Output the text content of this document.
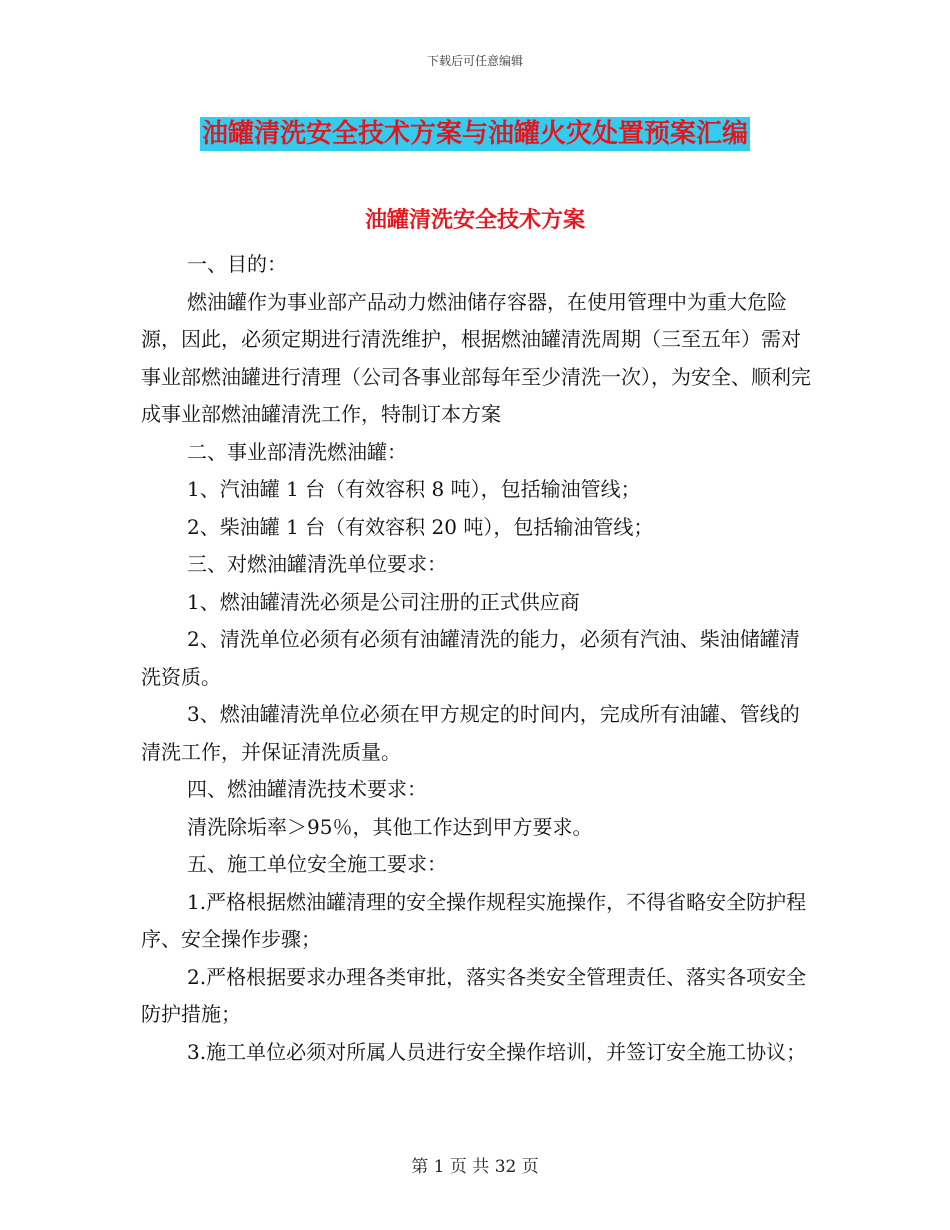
下载后可任意编辑
油罐清洗安全技术方案与油罐火灾处置预案汇编
油罐清洗安全技术方案

一、目的：

燃油罐作为事业部产品动力燃油储存容器，在使用管理中为重大危险源，因此，必须定期进行清洗维护，根据燃油罐清洗周期（三至五年）需对事业部燃油罐进行清理（公司各事业部每年至少清洗一次），为安全、顺利完成事业部燃油罐清洗工作，特制订本方案

二、事业部清洗燃油罐：

1、汽油罐 1 台（有效容积 8 吨），包括输油管线；

2、柴油罐 1 台（有效容积 20 吨），包括输油管线；

三、对燃油罐清洗单位要求：

1、燃油罐清洗必须是公司注册的正式供应商

2、清洗单位必须有必须有油罐清洗的能力，必须有汽油、柴油储罐清洗资质。

3、燃油罐清洗单位必须在甲方规定的时间内，完成所有油罐、管线的清洗工作，并保证清洗质量。

四、燃油罐清洗技术要求：

清洗除垢率＞95％，其他工作达到甲方要求。

五、施工单位安全施工要求：

1.严格根据燃油罐清理的安全操作规程实施操作，不得省略安全防护程序、安全操作步骤；

2.严格根据要求办理各类审批，落实各类安全管理责任、落实各项安全防护措施；

3.施工单位必须对所属人员进行安全操作培训，并签订安全施工协议；

第 1 页 共 32 页
